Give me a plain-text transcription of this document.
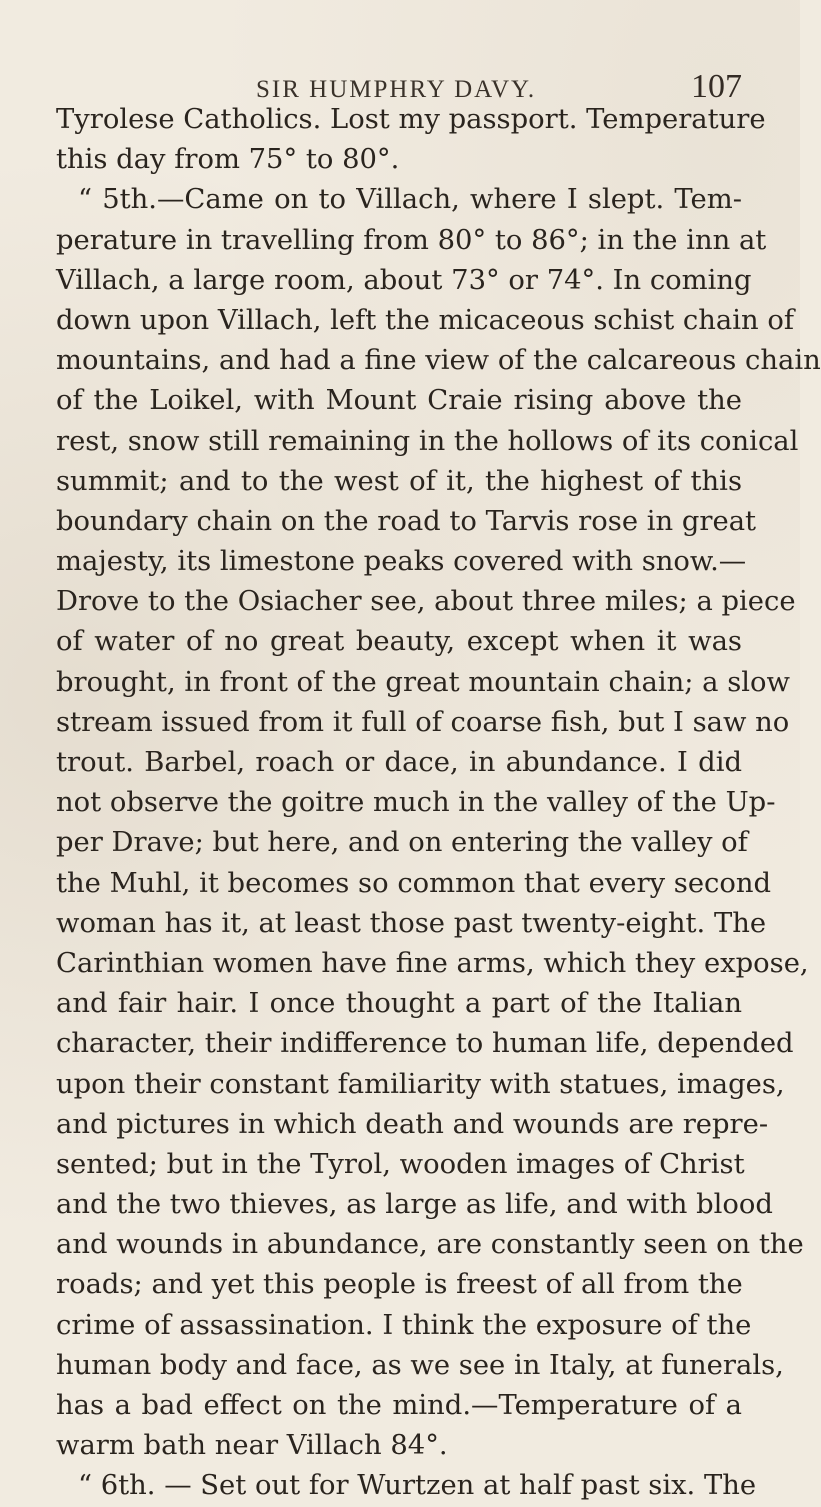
SIR HUMPHRY DAVY.	107
Tyrolese Catholics. Lost my passport. Temperature
this day from 75° to 80°.
“ 5th.—Came on to Villach, where I slept. Tem-
perature in travelling from 80° to 86°; in the inn at
Villach, a large room, about 73° or 74°. In coming
down upon Villach, left the micaceous schist chain of
mountains, and had a fine view of the calcareous chain
of the Loikel, with Mount Craie rising above the
rest, snow still remaining in the hollows of its conical
summit; and to the west of it, the highest of this
boundary chain on the road to Tarvis rose in great
majesty, its limestone peaks covered with snow.—
Drove to the Osiacher see, about three miles; a piece
of water of no great beauty, except when it was
brought, in front of the great mountain chain; a slow
stream issued from it full of coarse fish, but I saw no
trout. Barbel, roach or dace, in abundance. I did
not observe the goitre much in the valley of the Up-
per Drave; but here, and on entering the valley of
the Muhl, it becomes so common that every second
woman has it, at least those past twenty-eight. The
Carinthian women have fine arms, which they expose,
and fair hair. I once thought a part of the Italian
character, their indifference to human life, depended
upon their constant familiarity with statues, images,
and pictures in which death and wounds are repre-
sented; but in the Tyrol, wooden images of Christ
and the two thieves, as large as life, and with blood
and wounds in abundance, are constantly seen on the
roads; and yet this people is freest of all from the
crime of assassination. I think the exposure of the
human body and face, as we see in Italy, at funerals,
has a bad effect on the mind.—Temperature of a
warm bath near Villach 84°.
“ 6th. — Set out for Wurtzen at half past six. The
